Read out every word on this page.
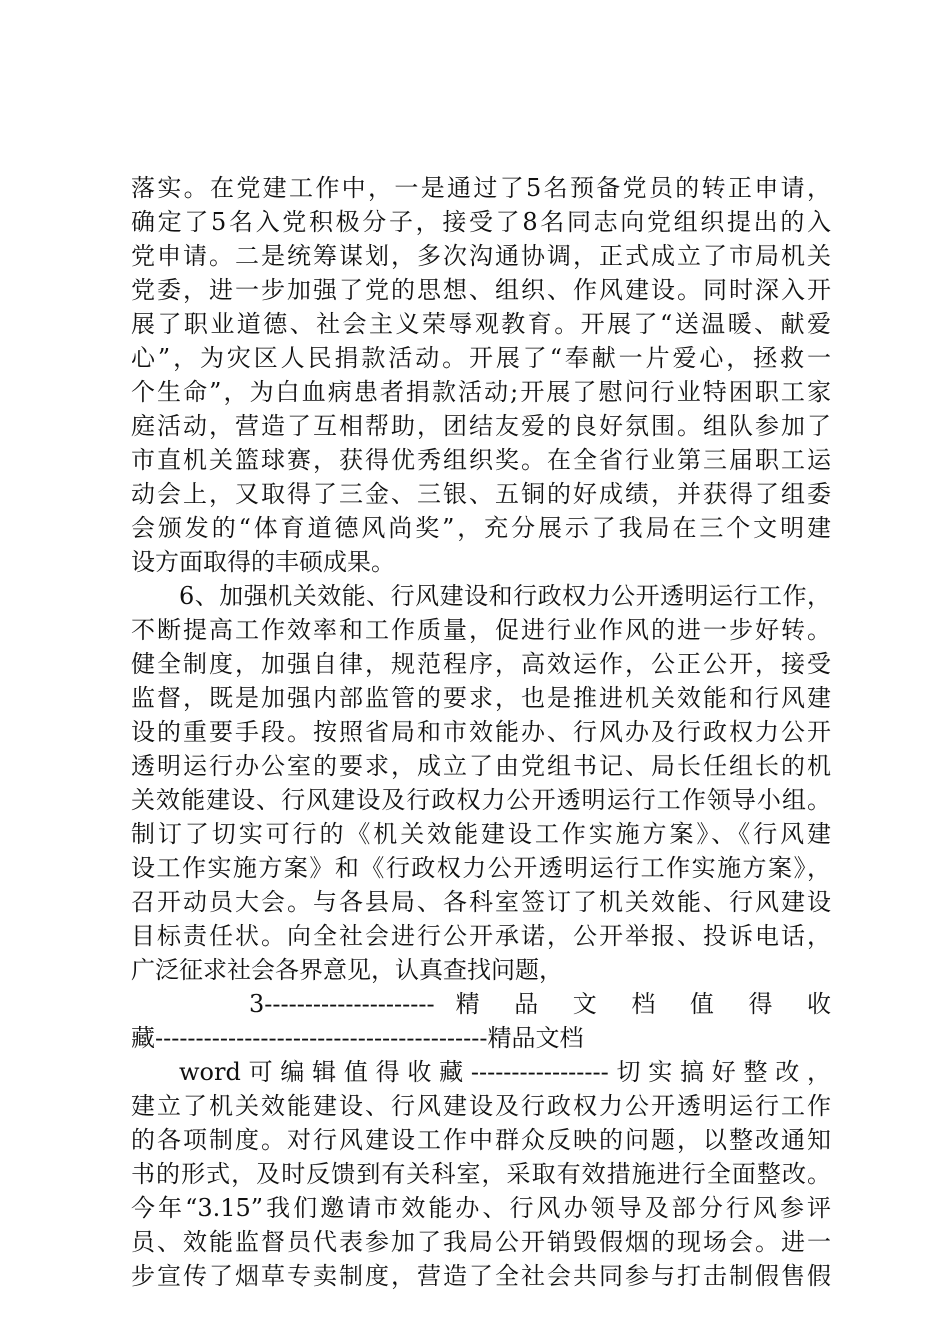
落实。在党建工作中，一是通过了5名预备党员的转正申请，
确定了5名入党积极分子，接受了8名同志向党组织提出的入
党申请。二是统筹谋划，多次沟通协调，正式成立了市局机关
党委，进一步加强了党的思想、组织、作风建设。同时深入开
展了职业道德、社会主义荣辱观教育。开展了“送温暖、献爱
心”，为灾区人民捐款活动。开展了“奉献一片爱心，拯救一
个生命”，为白血病患者捐款活动;开展了慰问行业特困职工家
庭活动，营造了互相帮助，团结友爱的良好氛围。组队参加了
市直机关篮球赛，获得优秀组织奖。在全省行业第三届职工运
动会上，又取得了三金、三银、五铜的好成绩，并获得了组委
会颁发的“体育道德风尚奖”，充分展示了我局在三个文明建
设方面取得的丰硕成果。
6、加强机关效能、行风建设和行政权力公开透明运行工作，
不断提高工作效率和工作质量，促进行业作风的进一步好转。
健全制度，加强自律，规范程序，高效运作，公正公开，接受
监督，既是加强内部监管的要求，也是推进机关效能和行风建
设的重要手段。按照省局和市效能办、行风办及行政权力公开
透明运行办公室的要求，成立了由党组书记、局长任组长的机
关效能建设、行风建设及行政权力公开透明运行工作领导小组。
制订了切实可行的《机关效能建设工作实施方案》、《行风建
设工作实施方案》和《行政权力公开透明运行工作实施方案》，
召开动员大会。与各县局、各科室签订了机关效能、行风建设
目标责任状。向全社会进行公开承诺，公开举报、投诉电话，
广泛征求社会各界意见，认真查找问题，
3--------------------- 精 品 文 档 值 得 收
藏-----------------------------------------精品文档
word可编辑值得收藏-----------------切实搞好整改，
建立了机关效能建设、行风建设及行政权力公开透明运行工作
的各项制度。对行风建设工作中群众反映的问题，以整改通知
书的形式，及时反馈到有关科室，采取有效措施进行全面整改。
今年“3.15”我们邀请市效能办、行风办领导及部分行风参评
员、效能监督员代表参加了我局公开销毁假烟的现场会。进一
步宣传了烟草专卖制度，营造了全社会共同参与打击制假售假
